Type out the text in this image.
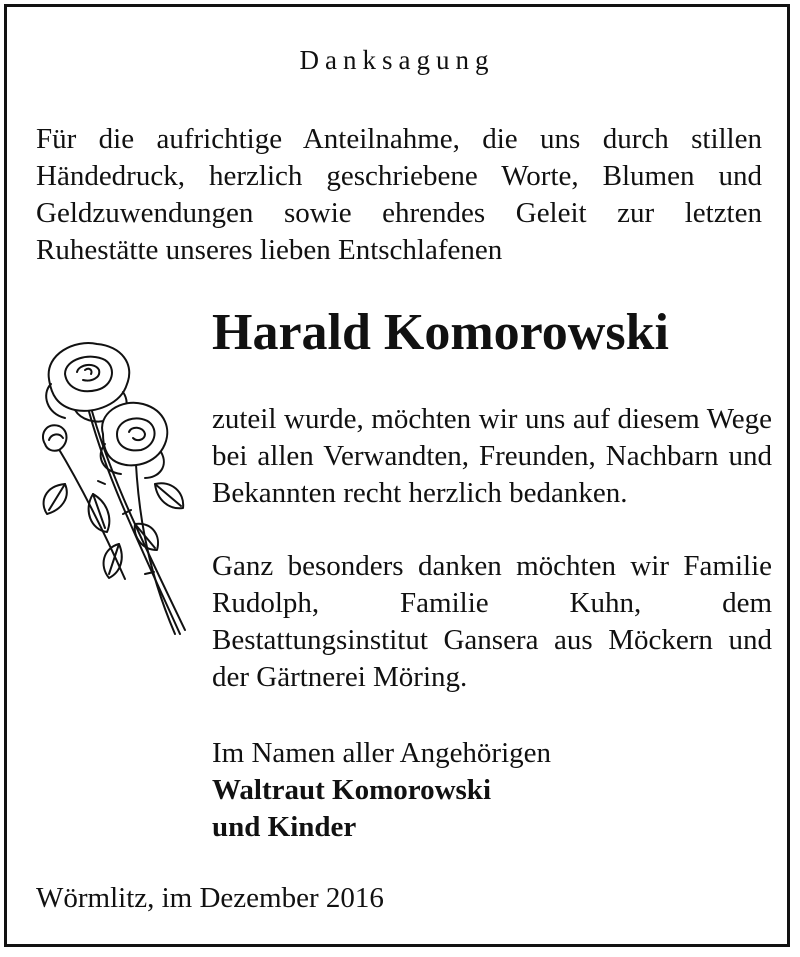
Danksagung
Für die aufrichtige Anteilnahme, die uns durch stillen Händedruck, herzlich geschriebene Worte, Blumen und Geldzuwendungen sowie ehrendes Geleit zur letzten Ruhestätte unseres lieben Entschlafenen
Harald Komorowski
zuteil wurde, möchten wir uns auf diesem Wege bei allen Verwandten, Freunden, Nachbarn und Bekannten recht herzlich bedanken.
Ganz besonders danken möchten wir Familie Rudolph, Familie Kuhn, dem Bestattungsinstitut Gansera aus Möckern und der Gärtnerei Möring.
Im Namen aller Angehörigen
Waltraut Komorowski
und Kinder
Wörmlitz, im Dezember 2016
